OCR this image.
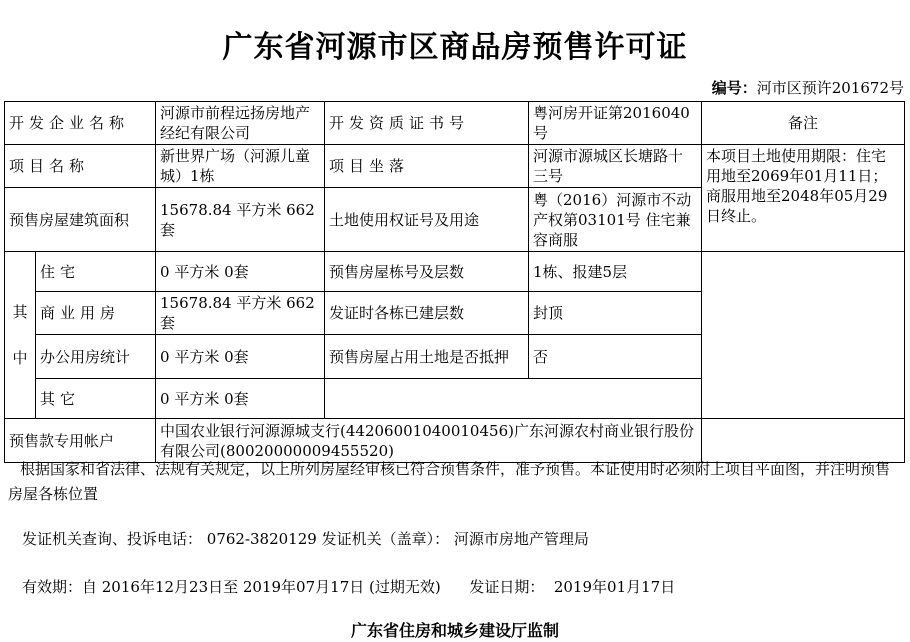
广东省河源市区商品房预售许可证
编号：河市区预许201672号
开发企业名称		河源市前程远扬房地产经纪有限公司	开发资质证书号	粤河房开证第2016040号	备注
项目名称		新世界广场（河源儿童城）1栋	项目坐落	河源市源城区长塘路十三号	本项目土地使用期限：住宅用地至2069年01月11日；商服用地至2048年05月29日终止。
预售房屋建筑面积		15678.84 平方米 662套	土地使用权证号及用途	粤（2016）河源市不动产权第03101号 住宅兼容商服	
其中	住宅	0 平方米 0套	预售房屋栋号及层数	1栋、报建5层	
	商业用房	15678.84 平方米 662套	发证时各栋已建层数	封顶	
	办公用房统计	0 平方米 0套	预售房屋占用土地是否抵押	否	
	其它	0 平方米 0套			
预售款专用帐户		中国农业银行河源源城支行(44206001040010456)广东河源农村商业银行股份有限公司(80020000009455520)			
根据国家和省法律、法规有关规定，以上所列房屋经审核已符合预售条件，准予预售。本证使用时必须附上项目平面图，并注明预售房屋各栋位置
发证机关查询、投诉电话： 0762-3820129 发证机关（盖章）： 河源市房地产管理局
有效期：自 2016年12月23日至 2019年07月17日 (过期无效)      发证日期：  2019年01月17日
广东省住房和城乡建设厅监制
